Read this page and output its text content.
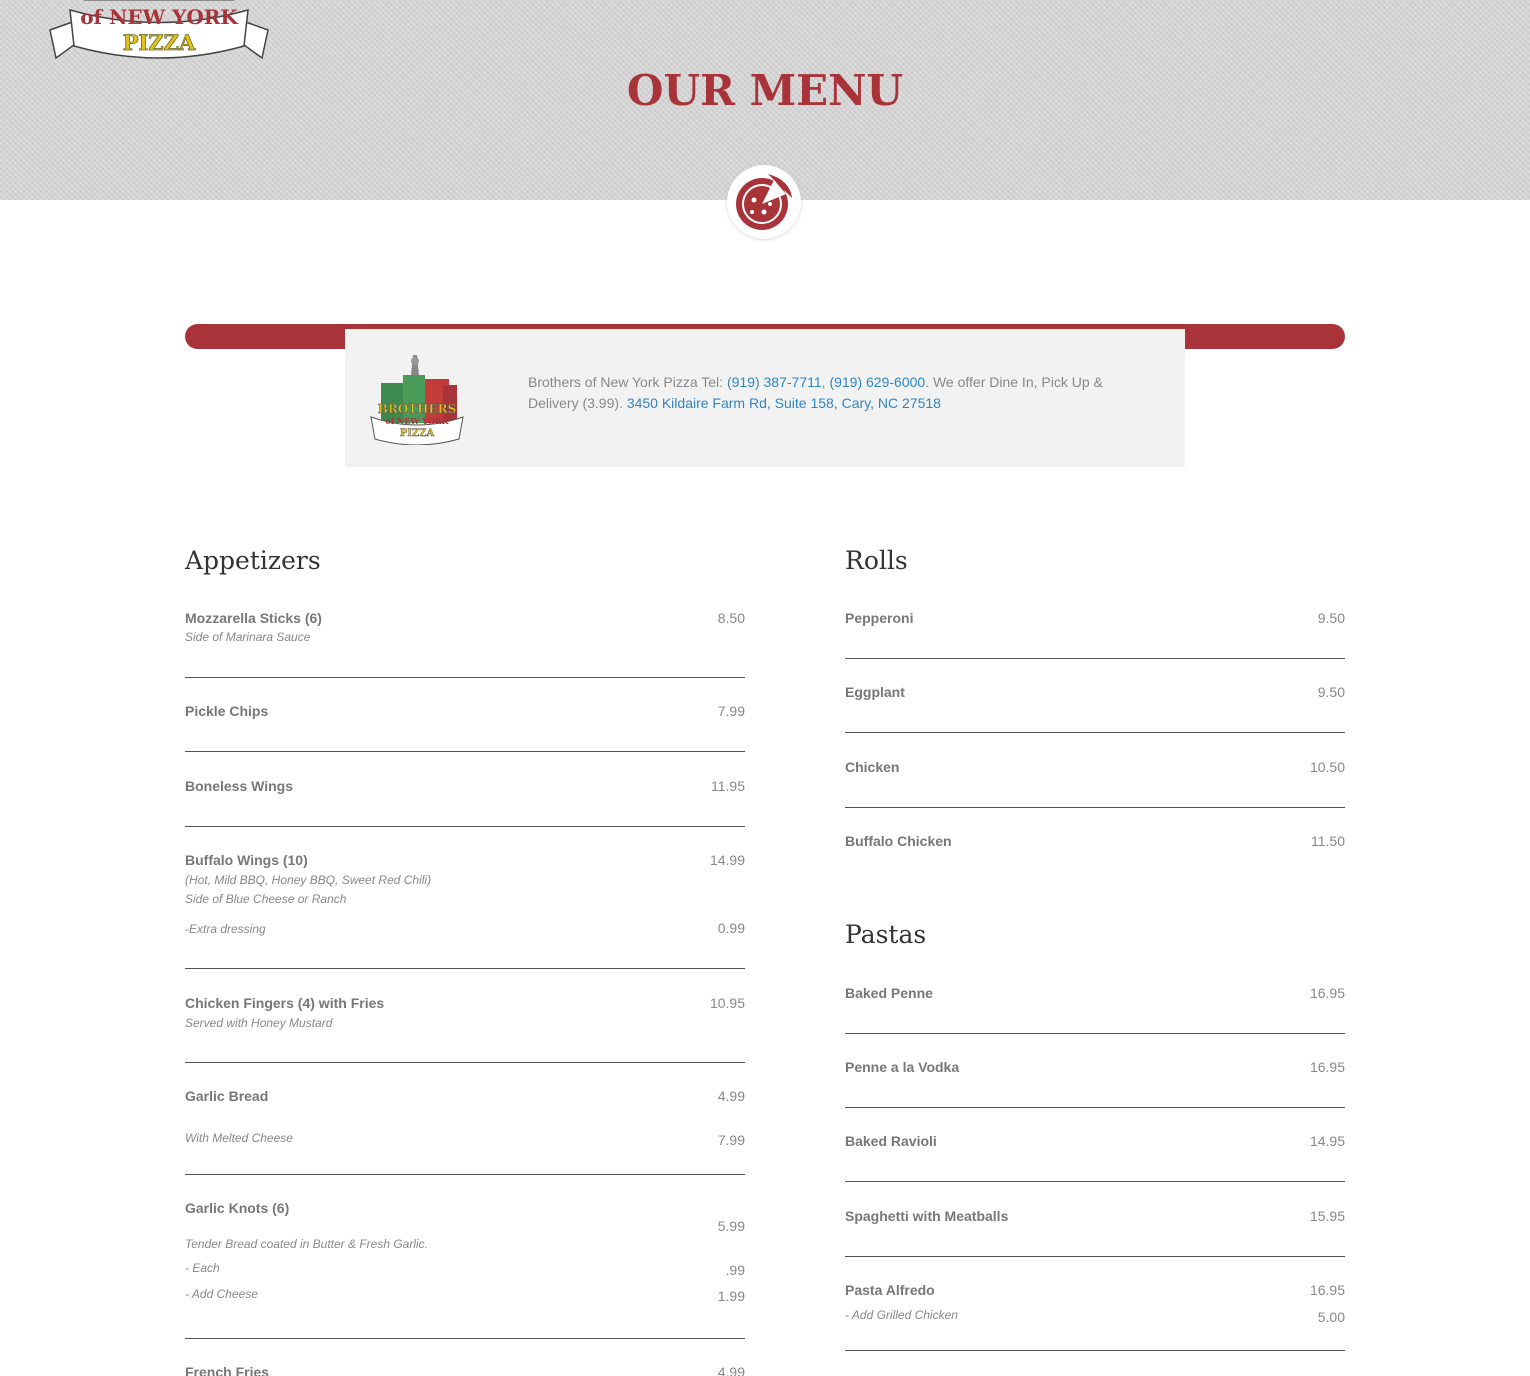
of NEW YORK
PIZZA
OUR MENU
BROTHERS
of NEW YORK
PIZZA
Brothers of New York Pizza Tel: (919) 387-7711, (919) 629-6000. We offer Dine In, Pick Up & Delivery (3.99). 3450 Kildaire Farm Rd, Suite 158, Cary, NC 27518
Appetizers
Mozzarella Sticks (6)	8.50
Side of Marinara Sauce
Pickle Chips	7.99
Boneless Wings	11.95
Buffalo Wings (10)	14.99
(Hot, Mild BBQ, Honey BBQ, Sweet Red Chili)
Side of Blue Cheese or Ranch
-Extra dressing	0.99
Chicken Fingers (4) with Fries	10.95
Served with Honey Mustard
Garlic Bread	4.99
With Melted Cheese	7.99
Garlic Knots (6)
5.99
Tender Bread coated in Butter & Fresh Garlic.
- Each	.99
- Add Cheese	1.99
French Fries	4.99
Rolls
Pepperoni	9.50
Eggplant	9.50
Chicken	10.50
Buffalo Chicken	11.50
Pastas
Baked Penne	16.95
Penne a la Vodka	16.95
Baked Ravioli	14.95
Spaghetti with Meatballs	15.95
Pasta Alfredo	16.95
- Add Grilled Chicken	5.00
